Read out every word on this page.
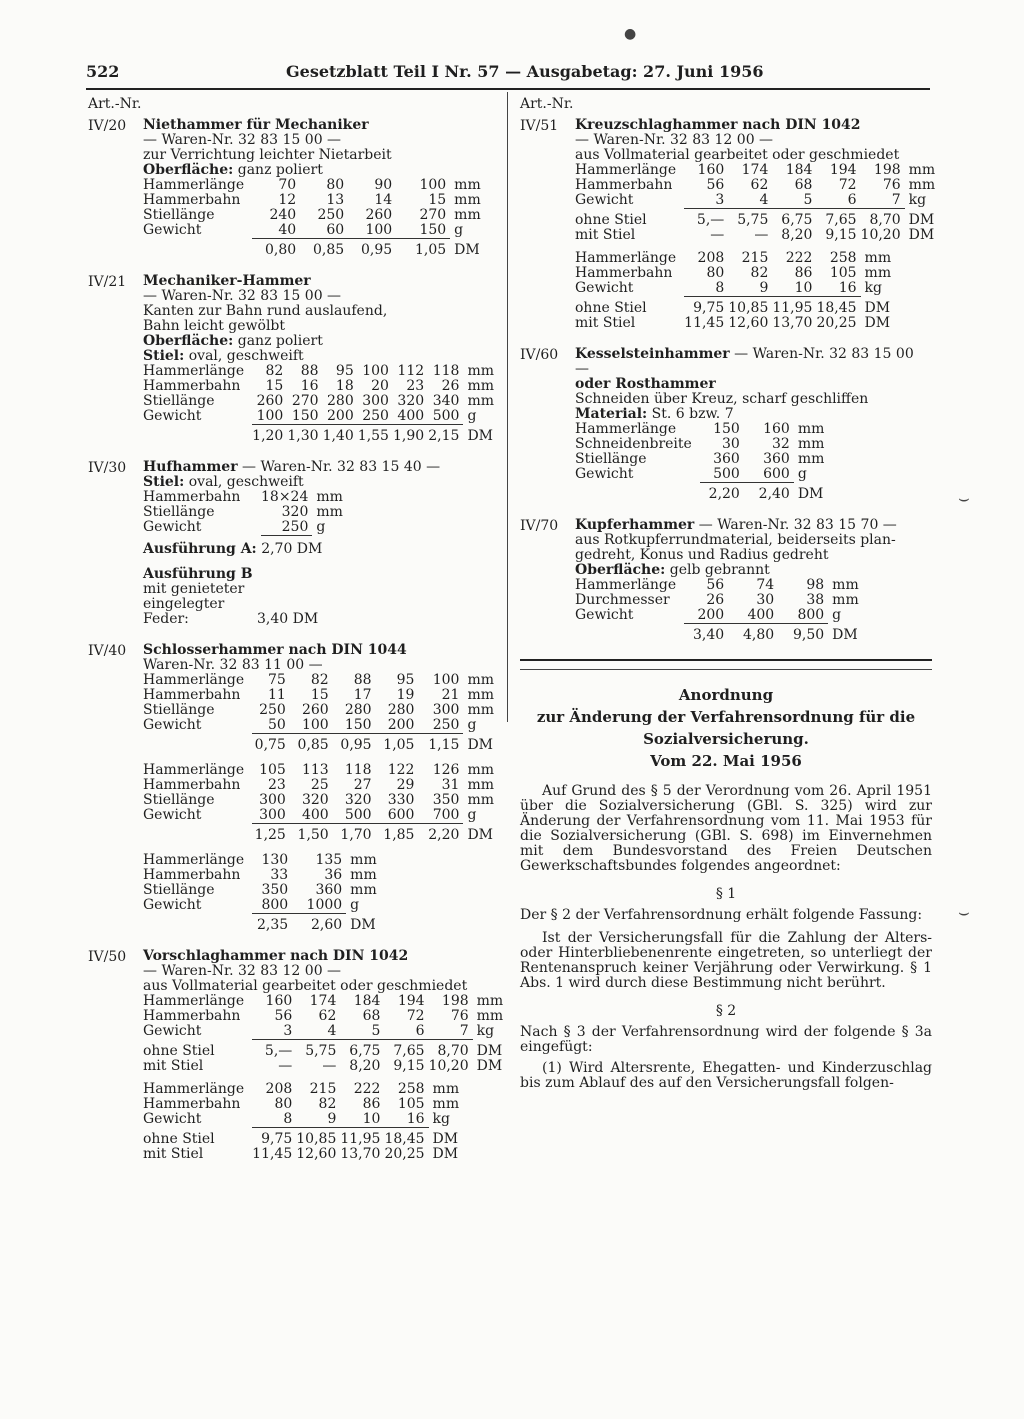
522	Gesetzblatt Teil I Nr. 57 — Ausgabetag: 27. Juni 1956
Art.-Nr.
IV/20	Niethammer für Mechaniker
— Waren-Nr. 32 83 15 00 —
zur Verrichtung leichter Nietarbeit
Oberfläche: ganz poliert
Hammerlänge	70	80	90	100	mm
Hammerbahn	12	13	14	15	mm
Stiellänge	240	250	260	270	mm
Gewicht	40	60	100	150	g
	0,80	0,85	0,95	1,05	DM
IV/21	Mechaniker-Hammer
— Waren-Nr. 32 83 15 00 —
Kanten zur Bahn rund auslaufend,
Bahn leicht gewölbt
Oberfläche: ganz poliert
Stiel: oval, geschweift
Hammerlänge	82	88	95	100	112	118	mm
Hammerbahn	15	16	18	20	23	26	mm
Stiellänge	260	270	280	300	320	340	mm
Gewicht	100	150	200	250	400	500	g
	1,20	1,30	1,40	1,55	1,90	2,15	DM
IV/30	Hufhammer — Waren-Nr. 32 83 15 40 —
Stiel: oval, geschweift
Hammerbahn	18×24	mm
Stiellänge	320	mm
Gewicht	250	g
Ausführung A: 2,70 DM
Ausführung B
mit genieteter
eingelegter
Feder:	3,40 DM
IV/40	Schlosserhammer nach DIN 1044
Waren-Nr. 32 83 11 00 —
Hammerlänge	75	82	88	95	100	mm
Hammerbahn	11	15	17	19	21	mm
Stiellänge	250	260	280	280	300	mm
Gewicht	50	100	150	200	250	g
	0,75	0,85	0,95	1,05	1,15	DM
Hammerlänge	105	113	118	122	126	mm
Hammerbahn	23	25	27	29	31	mm
Stiellänge	300	320	320	330	350	mm
Gewicht	300	400	500	600	700	g
	1,25	1,50	1,70	1,85	2,20	DM
Hammerlänge	130	135	mm
Hammerbahn	33	36	mm
Stiellänge	350	360	mm
Gewicht	800	1000	g
	2,35	2,60	DM
IV/50	Vorschlaghammer nach DIN 1042
— Waren-Nr. 32 83 12 00 —
aus Vollmaterial gearbeitet oder geschmiedet
Hammerlänge	160	174	184	194	198	mm
Hammerbahn	56	62	68	72	76	mm
Gewicht	3	4	5	6	7	kg
ohne Stiel	5,—	5,75	6,75	7,65	8,70	DM
mit Stiel	—	—	8,20	9,15	10,20	DM
Hammerlänge	208	215	222	258	mm	
Hammerbahn	80	82	86	105	mm	
Gewicht	8	9	10	16	kg	
ohne Stiel	9,75	10,85	11,95	18,45	DM	
mit Stiel	11,45	12,60	13,70	20,25	DM	
Art.-Nr.
IV/51	Kreuzschlaghammer nach DIN 1042
— Waren-Nr. 32 83 12 00 —
aus Vollmaterial gearbeitet oder geschmiedet
Hammerlänge	160	174	184	194	198	mm
Hammerbahn	56	62	68	72	76	mm
Gewicht	3	4	5	6	7	kg
ohne Stiel	5,—	5,75	6,75	7,65	8,70	DM
mit Stiel	—	—	8,20	9,15	10,20	DM
Hammerlänge	208	215	222	258	mm	
Hammerbahn	80	82	86	105	mm	
Gewicht	8	9	10	16	kg	
ohne Stiel	9,75	10,85	11,95	18,45	DM	
mit Stiel	11,45	12,60	13,70	20,25	DM	
IV/60	Kesselsteinhammer — Waren-Nr. 32 83 15 00 —
oder Rosthammer
Schneiden über Kreuz, scharf geschliffen
Material: St. 6 bzw. 7
Hammerlänge	150	160	mm
Schneidenbreite	30	32	mm
Stiellänge	360	360	mm
Gewicht	500	600	g
	2,20	2,40	DM
IV/70	Kupferhammer — Waren-Nr. 32 83 15 70 —
aus Rotkupferrundmaterial, beiderseits plan-
gedreht, Konus und Radius gedreht
Oberfläche: gelb gebrannt
Hammerlänge	56	74	98	mm
Durchmesser	26	30	38	mm
Gewicht	200	400	800	g
	3,40	4,80	9,50	DM
Anordnung
zur Änderung der Verfahrensordnung für die
Sozialversicherung.
Vom 22. Mai 1956
Auf Grund des § 5 der Verordnung vom 26. April 1951 über die Sozialversicherung (GBl. S. 325) wird zur Änderung der Verfahrensordnung vom 11. Mai 1953 für die Sozialversicherung (GBl. S. 698) im Einvernehmen mit dem Bundesvorstand des Freien Deutschen Gewerkschaftsbundes folgendes angeordnet:
§ 1
Der § 2 der Verfahrensordnung erhält folgende Fassung:
Ist der Versicherungsfall für die Zahlung der Alters- oder Hinterbliebenenrente eingetreten, so unterliegt der Rentenanspruch keiner Verjährung oder Verwirkung. § 1 Abs. 1 wird durch diese Bestimmung nicht berührt.
§ 2
Nach § 3 der Verfahrensordnung wird der folgende § 3a eingefügt:
(1) Wird Altersrente, Ehegatten- und Kinderzuschlag bis zum Ablauf des auf den Versicherungsfall folgen-
●
⌣
⌣
